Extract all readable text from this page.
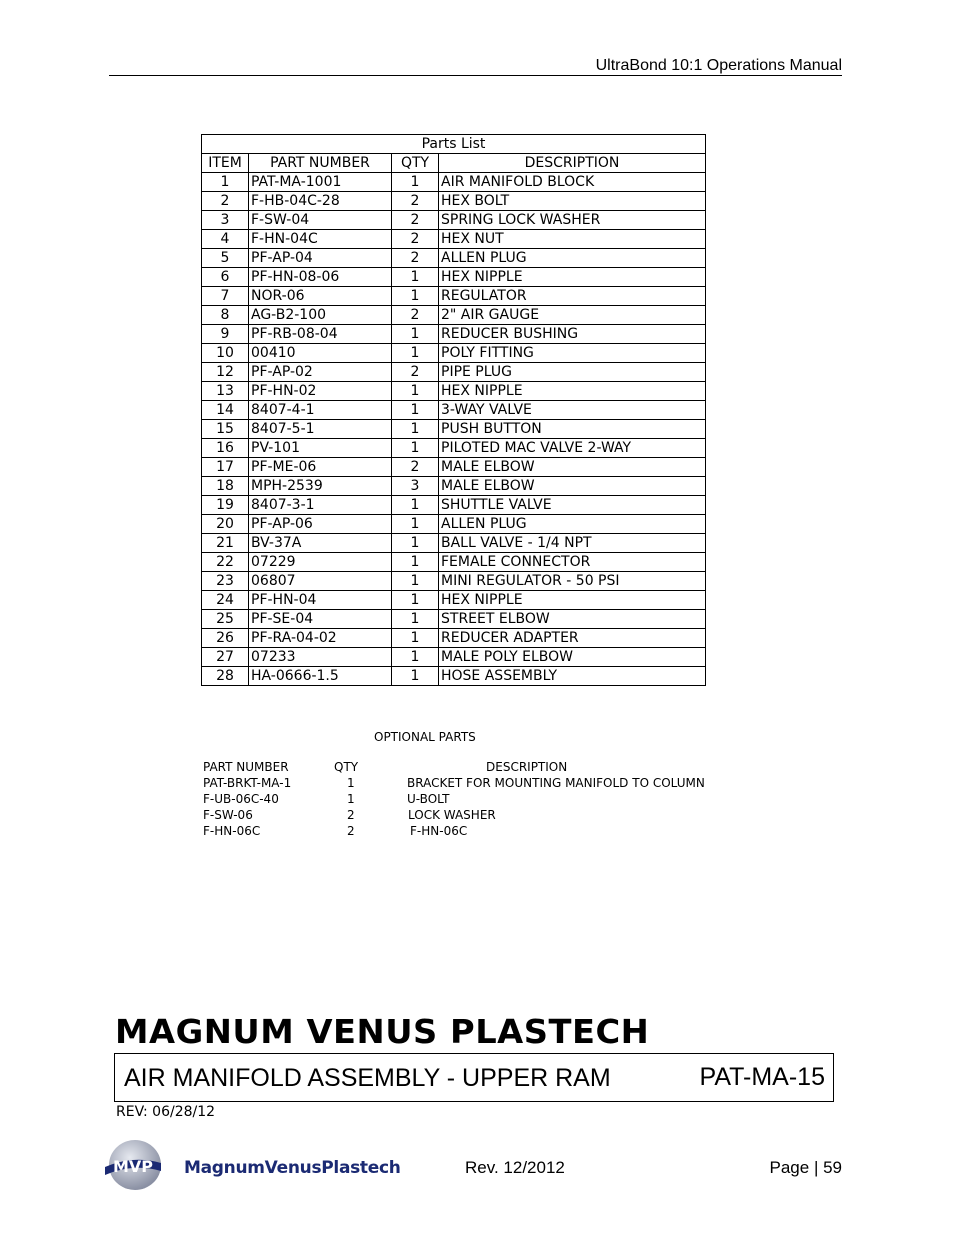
UltraBond 10:1 Operations Manual
Parts List			
ITEM	PART NUMBER	QTY	DESCRIPTION
1	PAT-MA-1001	1	AIR MANIFOLD BLOCK
2	F-HB-04C-28	2	HEX BOLT
3	F-SW-04	2	SPRING LOCK WASHER
4	F-HN-04C	2	HEX NUT
5	PF-AP-04	2	ALLEN PLUG
6	PF-HN-08-06	1	HEX NIPPLE
7	NOR-06	1	REGULATOR
8	AG-B2-100	2	2" AIR GAUGE
9	PF-RB-08-04	1	REDUCER BUSHING
10	00410	1	POLY FITTING
12	PF-AP-02	2	PIPE PLUG
13	PF-HN-02	1	HEX NIPPLE
14	8407-4-1	1	3-WAY VALVE
15	8407-5-1	1	PUSH BUTTON
16	PV-101	1	PILOTED MAC VALVE 2-WAY
17	PF-ME-06	2	MALE ELBOW
18	MPH-2539	3	MALE ELBOW
19	8407-3-1	1	SHUTTLE VALVE
20	PF-AP-06	1	ALLEN PLUG
21	BV-37A	1	BALL VALVE - 1/4 NPT
22	07229	1	FEMALE CONNECTOR
23	06807	1	MINI REGULATOR - 50 PSI
24	PF-HN-04	1	HEX NIPPLE
25	PF-SE-04	1	STREET ELBOW
26	PF-RA-04-02	1	REDUCER ADAPTER
27	07233	1	MALE POLY ELBOW
28	HA-0666-1.5	1	HOSE ASSEMBLY
OPTIONAL PARTS
PART NUMBER	QTY	DESCRIPTION
PAT-BRKT-MA-1	1	BRACKET FOR MOUNTING MANIFOLD TO COLUMN
F-UB-06C-40	1	U-BOLT
F-SW-06	2	LOCK WASHER
F-HN-06C	2	F-HN-06C
MAGNUM VENUS PLASTECH
AIR MANIFOLD ASSEMBLY - UPPER RAM	PAT-MA-15
REV: 06/28/12
MVP MagnumVenusPlastech	Rev. 12/2012	Page | 59
